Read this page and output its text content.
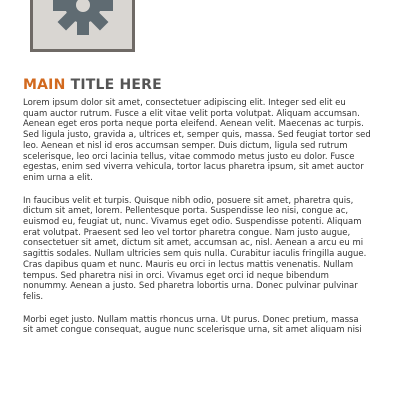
MAIN TITLE HERE

Lorem ipsum dolor sit amet, consectetuer adipiscing elit. Integer sed elit eu quam auctor rutrum. Fusce a elit vitae velit porta volutpat. Aliquam accumsan. Aenean eget eros porta neque porta eleifend. Aenean velit. Maecenas ac turpis. Sed ligula justo, gravida a, ultrices et, semper quis, massa. Sed feugiat tortor sed leo. Aenean et nisl id eros accumsan semper. Duis dictum, ligula sed rutrum scelerisque, leo orci lacinia tellus, vitae commodo metus justo eu dolor. Fusce egestas, enim sed viverra vehicula, tortor lacus pharetra ipsum, sit amet auctor enim urna a elit.

In faucibus velit et turpis. Quisque nibh odio, posuere sit amet, pharetra quis, dictum sit amet, lorem. Pellentesque porta. Suspendisse leo nisi, congue ac, euismod eu, feugiat ut, nunc. Vivamus eget odio. Suspendisse potenti. Aliquam erat volutpat. Praesent sed leo vel tortor pharetra congue. Nam justo augue, consectetuer sit amet, dictum sit amet, accumsan ac, nisl. Aenean a arcu eu mi sagittis sodales. Nullam ultricies sem quis nulla. Curabitur iaculis fringilla augue. Cras dapibus quam et nunc. Mauris eu orci in lectus mattis venenatis. Nullam tempus. Sed pharetra nisi in orci. Vivamus eget orci id neque bibendum nonummy. Aenean a justo. Sed pharetra lobortis urna. Donec pulvinar pulvinar felis.

Morbi eget justo. Nullam mattis rhoncus urna. Ut purus. Donec pretium, massa sit amet congue consequat, augue nunc scelerisque urna, sit amet aliquam nisi
